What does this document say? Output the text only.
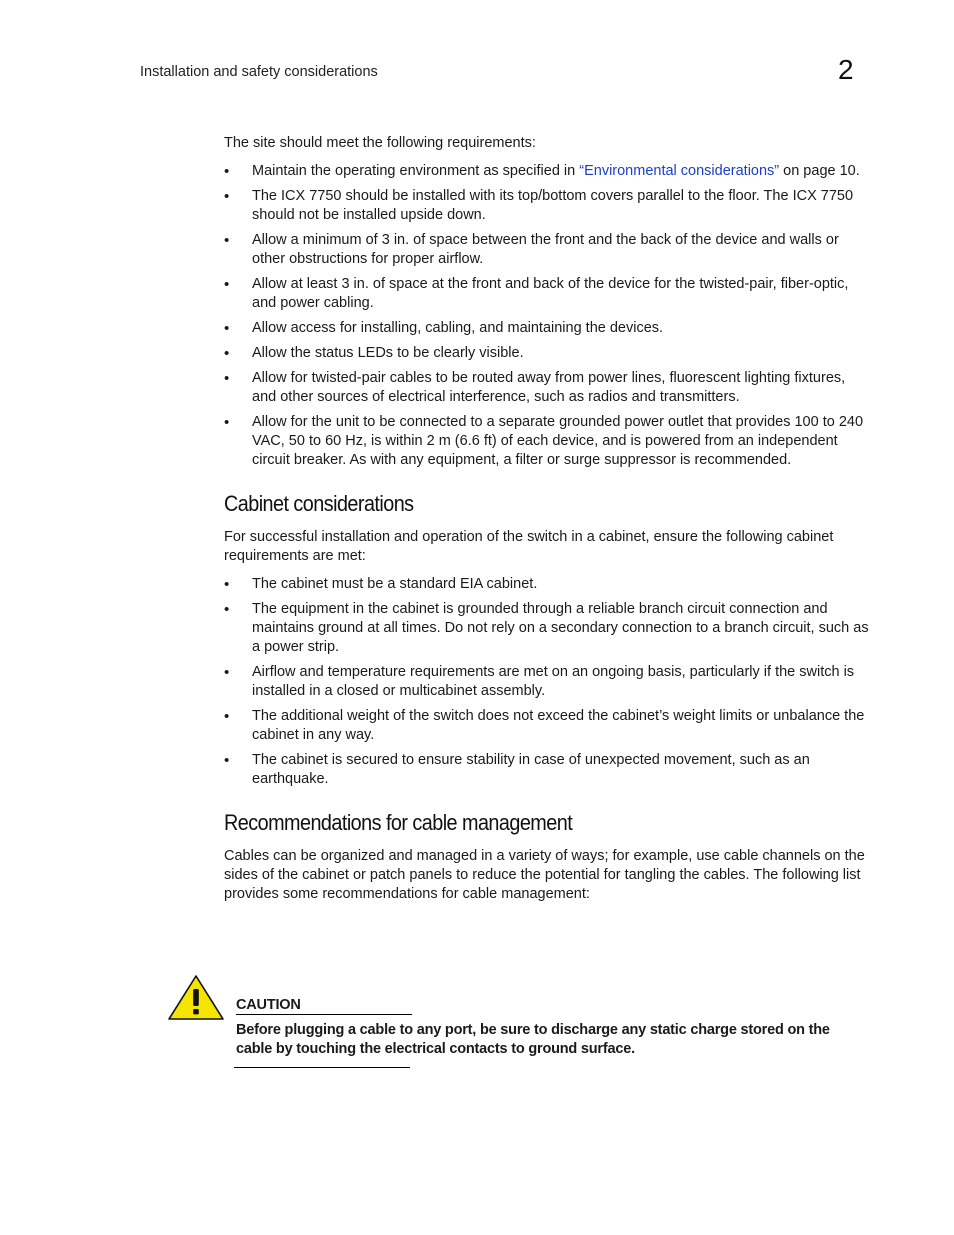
Installation and safety considerations	2

The site should meet the following requirements:

• Maintain the operating environment as specified in “Environmental considerations” on page 10.
• The ICX 7750 should be installed with its top/bottom covers parallel to the floor. The ICX 7750 should not be installed upside down.
• Allow a minimum of 3 in. of space between the front and the back of the device and walls or other obstructions for proper airflow.
• Allow at least 3 in. of space at the front and back of the device for the twisted-pair, fiber-optic, and power cabling.
• Allow access for installing, cabling, and maintaining the devices.
• Allow the status LEDs to be clearly visible.
• Allow for twisted-pair cables to be routed away from power lines, fluorescent lighting fixtures, and other sources of electrical interference, such as radios and transmitters.
• Allow for the unit to be connected to a separate grounded power outlet that provides 100 to 240 VAC, 50 to 60 Hz, is within 2 m (6.6 ft) of each device, and is powered from an independent circuit breaker. As with any equipment, a filter or surge suppressor is recommended.
Cabinet considerations

For successful installation and operation of the switch in a cabinet, ensure the following cabinet requirements are met:

• The cabinet must be a standard EIA cabinet.
• The equipment in the cabinet is grounded through a reliable branch circuit connection and maintains ground at all times. Do not rely on a secondary connection to a branch circuit, such as a power strip.
• Airflow and temperature requirements are met on an ongoing basis, particularly if the switch is installed in a closed or multicabinet assembly.
• The additional weight of the switch does not exceed the cabinet’s weight limits or unbalance the cabinet in any way.
• The cabinet is secured to ensure stability in case of unexpected movement, such as an earthquake.
Recommendations for cable management

Cables can be organized and managed in a variety of ways; for example, use cable channels on the sides of the cabinet or patch panels to reduce the potential for tangling the cables. The following list provides some recommendations for cable management:

CAUTION
Before plugging a cable to any port, be sure to discharge any static charge stored on the cable by touching the electrical contacts to ground surface.
